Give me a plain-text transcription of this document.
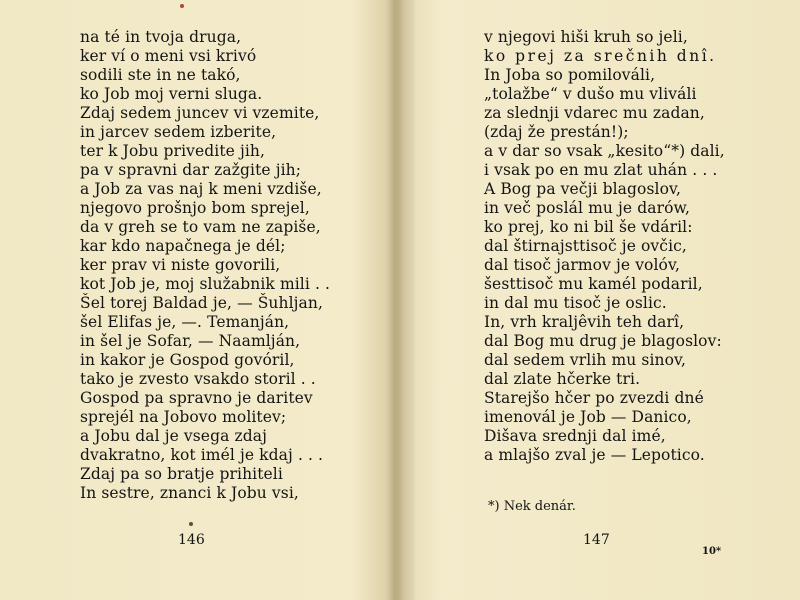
na té in tvoja druga,
ker ví o meni vsi krivó
sodili ste in ne takó,
ko Job moj verni sluga.
Zdaj sedem juncev vi vzemite,
in jarcev sedem izberite,
ter k Jobu privedite jih,
pa v spravni dar zažgite jih;
a Job za vas naj k meni vzdiše,
njegovo prošnjo bom sprejel,
da v greh se to vam ne zapiše,
kar kdo napačnega je dél;
ker prav vi niste govorili,
kot Job je, moj služabnik mili . .
Šel torej Baldad je, — Šuhljan,
šel Elifas je, —. Temanján,
in šel je Sofar, — Naamlján,
in kakor je Gospod govóril,
tako je zvesto vsakdo storil . .
Gospod pa spravno je daritev
sprejél na Jobovo molitev;
a Jobu dal je vsega zdaj
dvakratno, kot imél je kdaj . . .
Zdaj pa so bratje prihiteli
In sestre, znanci k Jobu vsi,
146
v njegovi hiši kruh so jeli,
ko prej za srečnih dnî.
In Joba so pomilováli,
„tolažbe“ v dušo mu vliváli
za slednji vdarec mu zadan,
(zdaj že prestán!);
a v dar so vsak „kesito“*) dali,
i vsak po en mu zlat uhán . . .
A Bog pa večji blagoslov,
in več poslál mu je darów,
ko prej, ko ni bil še vdáril:
dal štirnajsttisoč je ovčic,
dal tisoč jarmov je volóv,
šesttisoč mu kamél podaril,
in dal mu tisoč je oslic.
In, vrh kraljêvih teh darî,
dal Bog mu drug je blagoslov:
dal sedem vrlih mu sinov,
dal zlate hčerke tri.
Starejšo hčer po zvezdi dné
imenovál je Job — Danico,
Dišava srednji dal imé,
a mlajšo zval je — Lepotico.
*) Nek denár.
147
10*
